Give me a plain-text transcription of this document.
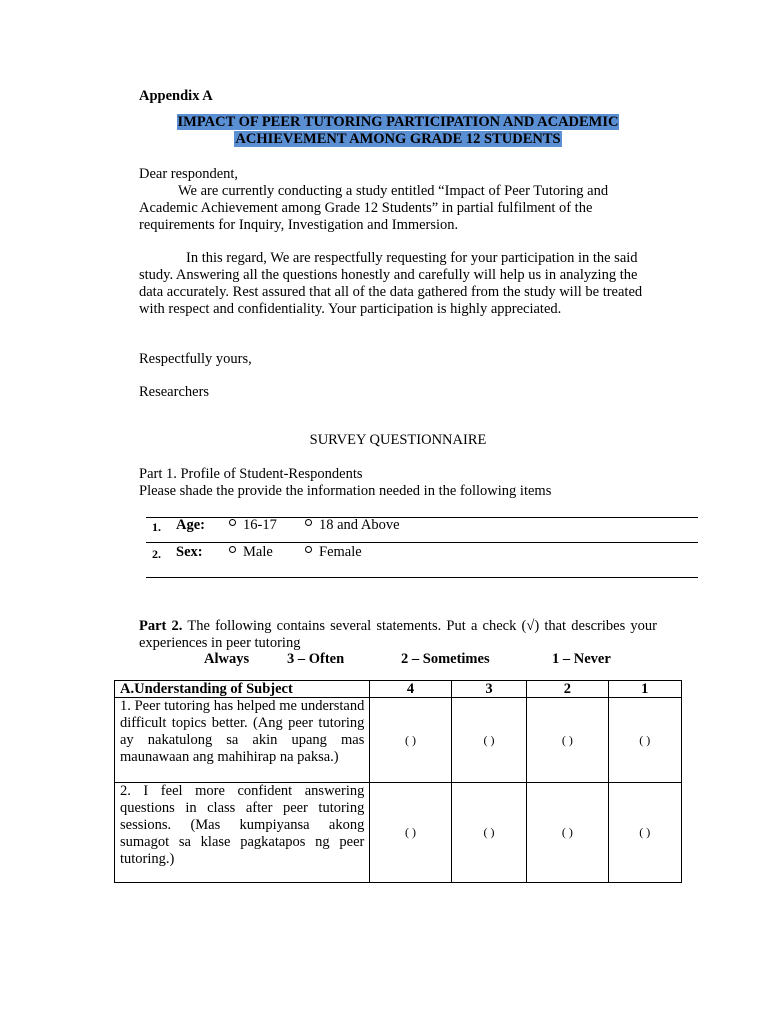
Appendix A
IMPACT OF PEER TUTORING PARTICIPATION AND ACADEMIC
ACHIEVEMENT AMONG GRADE 12 STUDENTS
Dear respondent,
We are currently conducting a study entitled “Impact of Peer Tutoring and Academic Achievement among Grade 12 Students” in partial fulfilment of the requirements for Inquiry, Investigation and Immersion.
In this regard, We are respectfully requesting for your participation in the said study. Answering all the questions honestly and carefully will help us in analyzing the data accurately. Rest assured that all of the data gathered from the study will be treated with respect and confidentiality. Your participation is highly appreciated.
Respectfully yours,
Researchers
SURVEY QUESTIONNAIRE
Part 1. Profile of Student-Respondents
Please shade the provide the information needed in the following items
1. Age:	16-17	18 and Above
2. Sex:	Male	Female
Part 2. The following contains several statements. Put a check (√) that describes your experiences in peer tutoring
Always	3 – Often	2 – Sometimes	1 – Never
A.Understanding of Subject	4	3	2	1
1. Peer tutoring has helped me understand difficult topics better. (Ang peer tutoring ay nakatulong sa akin upang mas maunawaan ang mahihirap na paksa.)	( )	( )	( )	( )
2. I feel more confident answering questions in class after peer tutoring sessions. (Mas kumpiyansa akong sumagot sa klase pagkatapos ng peer tutoring.)	( )	( )	( )	( )
